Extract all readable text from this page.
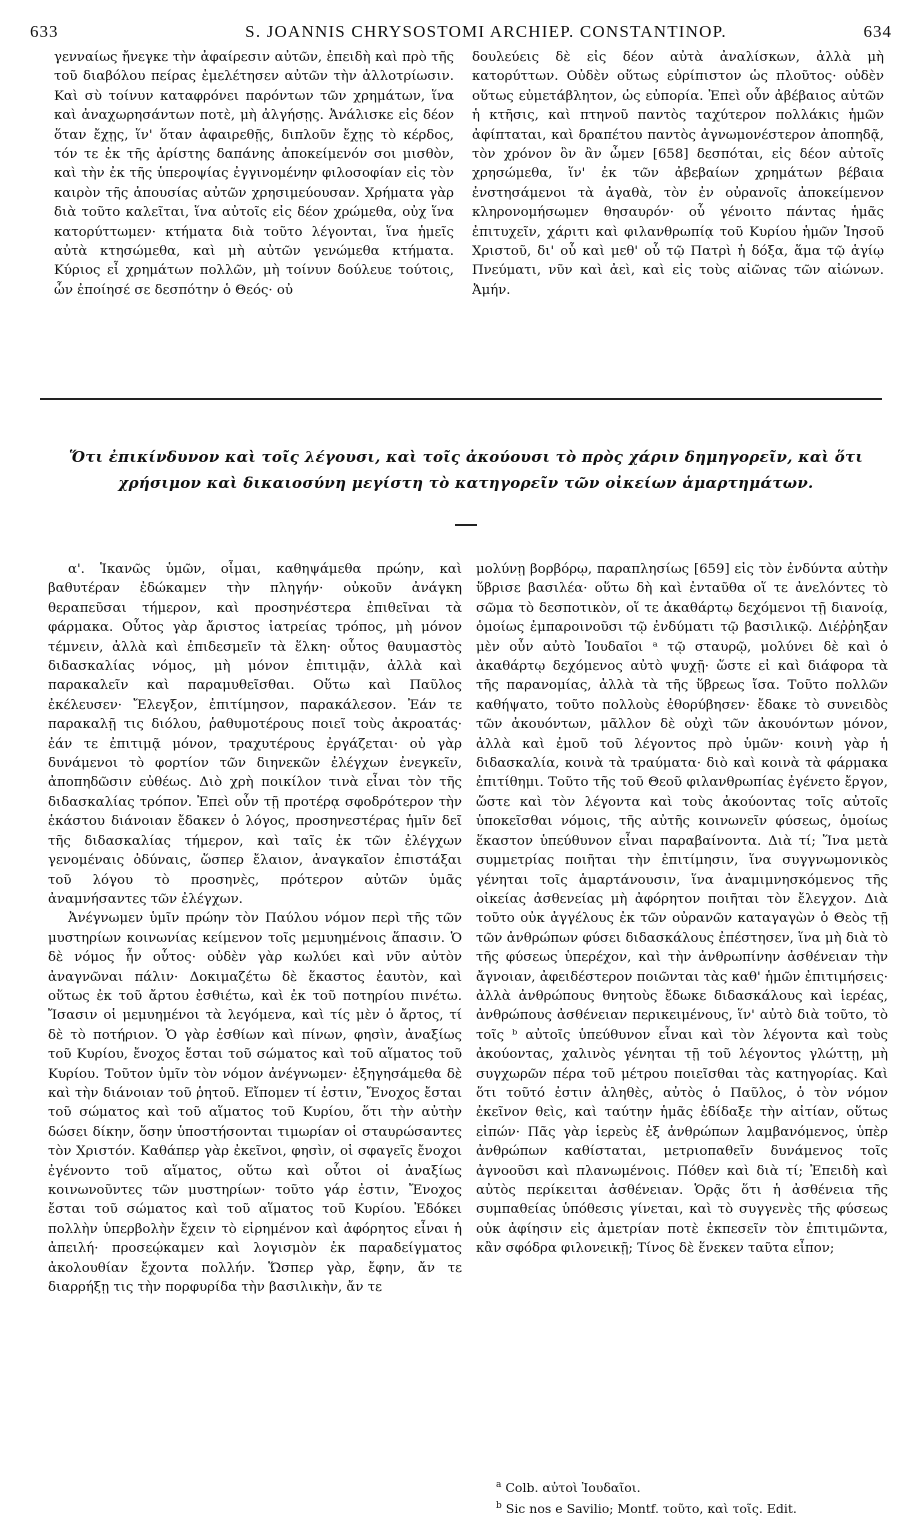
633	S. JOANNIS CHRYSOSTOMI ARCHIEP. CONSTANTINOP.	634

γενναίως ἤνεγκε τὴν ἀφαίρεσιν αὐτῶν, ἐπειδὴ καὶ πρὸ τῆς τοῦ διαβόλου πείρας ἐμελέτησεν αὐτῶν τὴν ἀλλοτρίωσιν. Καὶ σὺ τοίνυν καταφρόνει παρόντων τῶν χρημάτων, ἵνα καὶ ἀναχωρησάντων ποτὲ, μὴ ἀλγήσῃς. Ἀνάλισκε εἰς δέον ὅταν ἔχῃς, ἵν' ὅταν ἀφαιρεθῇς, διπλοῦν ἔχῃς τὸ κέρδος, τόν τε ἐκ τῆς ἀρίστης δαπάνης ἀποκείμενόν σοι μισθὸν, καὶ τὴν ἐκ τῆς ὑπεροψίας ἐγγινομένην φιλοσοφίαν εἰς τὸν καιρὸν τῆς ἀπουσίας αὐτῶν χρησιμεύουσαν. Χρήματα γὰρ διὰ τοῦτο καλεῖται, ἵνα αὐτοῖς εἰς δέον χρώμεθα, οὐχ ἵνα κατορύττωμεν· κτήματα διὰ τοῦτο λέγονται, ἵνα ἡμεῖς αὐτὰ κτησώμεθα, καὶ μὴ αὐτῶν γενώμεθα κτήματα. Κύριος εἶ χρημάτων πολλῶν, μὴ τοίνυν δούλευε τούτοις, ὧν ἐποίησέ σε δεσπότην ὁ Θεός· οὐ

δουλεύεις δὲ εἰς δέον αὐτὰ ἀναλίσκων, ἀλλὰ μὴ κατορύττων. Οὐδὲν οὕτως εὐρίπιστον ὡς πλοῦτος· οὐδὲν οὕτως εὐμετάβλητον, ὡς εὐπορία. Ἐπεὶ οὖν ἀβέβαιος αὐτῶν ἡ κτῆσις, καὶ πτηνοῦ παντὸς ταχύτερον πολλάκις ἡμῶν ἀφίπταται, καὶ δραπέτου παντὸς ἀγνωμονέστερον ἀποπηδᾷ, τὸν χρόνον ὃν ἂν ὦμεν [658] δεσπόται, εἰς δέον αὐτοῖς χρησώμεθα, ἵν' ἐκ τῶν ἀβεβαίων χρημάτων βέβαια ἐνστησάμενοι τὰ ἀγαθὰ, τὸν ἐν οὐρανοῖς ἀποκείμενον κληρονομήσωμεν θησαυρόν· οὗ γένοιτο πάντας ἡμᾶς ἐπιτυχεῖν, χάριτι καὶ φιλανθρωπίᾳ τοῦ Κυρίου ἡμῶν Ἰησοῦ Χριστοῦ, δι' οὗ καὶ μεθ' οὗ τῷ Πατρὶ ἡ δόξα, ἅμα τῷ ἁγίῳ Πνεύματι, νῦν καὶ ἀεὶ, καὶ εἰς τοὺς αἰῶνας τῶν αἰώνων. Ἀμήν.

Ὅτι ἐπικίνδυνον καὶ τοῖς λέγουσι, καὶ τοῖς ἀκούουσι τὸ πρὸς χάριν δημηγορεῖν, καὶ ὅτι χρήσιμον καὶ δικαιοσύνη μεγίστη τὸ κατηγορεῖν τῶν οἰκείων ἁμαρτημάτων.

α'. Ἱκανῶς ὑμῶν, οἶμαι, καθηψάμεθα πρώην, καὶ βαθυτέραν ἐδώκαμεν τὴν πληγήν· οὐκοῦν ἀνάγκη θεραπεῦσαι τήμερον, καὶ προσηνέστερα ἐπιθεῖναι τὰ φάρμακα. Οὗτος γὰρ ἄριστος ἰατρείας τρόπος, μὴ μόνον τέμνειν, ἀλλὰ καὶ ἐπιδεσμεῖν τὰ ἕλκη· οὗτος θαυμαστὸς διδασκαλίας νόμος, μὴ μόνον ἐπιτιμᾷν, ἀλλὰ καὶ παρακαλεῖν καὶ παραμυθεῖσθαι. Οὕτω καὶ Παῦλος ἐκέλευσεν· Ἔλεγξον, ἐπιτίμησον, παρακάλεσον. Ἐάν τε παρακαλῇ τις διόλου, ῥαθυμοτέρους ποιεῖ τοὺς ἀκροατάς· ἐάν τε ἐπιτιμᾷ μόνον, τραχυτέρους ἐργάζεται· οὐ γὰρ δυνάμενοι τὸ φορτίον τῶν διηνεκῶν ἐλέγχων ἐνεγκεῖν, ἀποπηδῶσιν εὐθέως. Διὸ χρὴ ποικίλον τινὰ εἶναι τὸν τῆς διδασκαλίας τρόπον. Ἐπεὶ οὖν τῇ προτέρᾳ σφοδρότερον τὴν ἑκάστου διάνοιαν ἔδακεν ὁ λόγος, προσηνεστέρας ἡμῖν δεῖ τῆς διδασκαλίας τήμερον, καὶ ταῖς ἐκ τῶν ἐλέγχων γενομέναις ὀδύναις, ὥσπερ ἔλαιον, ἀναγκαῖον ἐπιστάξαι τοῦ λόγου τὸ προσηνὲς, πρότερον αὐτῶν ὑμᾶς ἀναμνήσαντες τῶν ἐλέγχων.

Ἀνέγνωμεν ὑμῖν πρώην τὸν Παύλου νόμον περὶ τῆς τῶν μυστηρίων κοινωνίας κείμενον τοῖς μεμυημένοις ἅπασιν. Ὁ δὲ νόμος ἦν οὗτος· οὐδὲν γὰρ κωλύει καὶ νῦν αὐτὸν ἀναγνῶναι πάλιν· Δοκιμαζέτω δὲ ἕκαστος ἑαυτὸν, καὶ οὕτως ἐκ τοῦ ἄρτου ἐσθιέτω, καὶ ἐκ τοῦ ποτηρίου πινέτω. Ἴσασιν οἱ μεμυημένοι τὰ λεγόμενα, καὶ τίς μὲν ὁ ἄρτος, τί δὲ τὸ ποτήριον. Ὁ γὰρ ἐσθίων καὶ πίνων, φησὶν, ἀναξίως τοῦ Κυρίου, ἔνοχος ἔσται τοῦ σώματος καὶ τοῦ αἵματος τοῦ Κυρίου. Τοῦτον ὑμῖν τὸν νόμον ἀνέγνωμεν· ἐξηγησάμεθα δὲ καὶ τὴν διάνοιαν τοῦ ῥητοῦ. Εἴπομεν τί ἐστιν, Ἔνοχος ἔσται τοῦ σώματος καὶ τοῦ αἵματος τοῦ Κυρίου, ὅτι τὴν αὐτὴν δώσει δίκην, ὅσην ὑποστήσονται τιμωρίαν οἱ σταυρώσαντες τὸν Χριστόν. Καθάπερ γὰρ ἐκεῖνοι, φησὶν, οἱ σφαγεῖς ἔνοχοι ἐγένοντο τοῦ αἵματος, οὕτω καὶ οὗτοι οἱ ἀναξίως κοινωνοῦντες τῶν μυστηρίων· τοῦτο γάρ ἐστιν, Ἔνοχος ἔσται τοῦ σώματος καὶ τοῦ αἵματος τοῦ Κυρίου. Ἐδόκει πολλὴν ὑπερβολὴν ἔχειν τὸ εἰρημένον καὶ ἀφόρητος εἶναι ἡ ἀπειλή· προσεῴκαμεν καὶ λογισμὸν ἐκ παραδείγματος ἀκολουθίαν ἔχοντα πολλήν. Ὥσπερ γὰρ, ἔφην, ἄν τε διαρρήξῃ τις τὴν πορφυρίδα τὴν βασιλικὴν, ἄν τε

μολύνῃ βορβόρῳ, παραπλησίως [659] εἰς τὸν ἐνδύντα αὐτὴν ὕβρισε βασιλέα· οὕτω δὴ καὶ ἐνταῦθα οἵ τε ἀνελόντες τὸ σῶμα τὸ δεσποτικὸν, οἵ τε ἀκαθάρτῳ δεχόμενοι τῇ διανοίᾳ, ὁμοίως ἐμπαροινοῦσι τῷ ἐνδύματι τῷ βασιλικῷ. Διέῤῥηξαν μὲν οὖν αὐτὸ Ἰουδαῖοι ᵃ τῷ σταυρῷ, μολύνει δὲ καὶ ὁ ἀκαθάρτῳ δεχόμενος αὐτὸ ψυχῇ· ὥστε εἰ καὶ διάφορα τὰ τῆς παρανομίας, ἀλλὰ τὰ τῆς ὕβρεως ἴσα. Τοῦτο πολλῶν καθήψατο, τοῦτο πολλοὺς ἐθορύβησεν· ἔδακε τὸ συνειδὸς τῶν ἀκουόντων, μᾶλλον δὲ οὐχὶ τῶν ἀκουόντων μόνον, ἀλλὰ καὶ ἐμοῦ τοῦ λέγοντος πρὸ ὑμῶν· κοινὴ γὰρ ἡ διδασκαλία, κοινὰ τὰ τραύματα· διὸ καὶ κοινὰ τὰ φάρμακα ἐπιτίθημι. Τοῦτο τῆς τοῦ Θεοῦ φιλανθρωπίας ἐγένετο ἔργον, ὥστε καὶ τὸν λέγοντα καὶ τοὺς ἀκούοντας τοῖς αὐτοῖς ὑποκεῖσθαι νόμοις, τῆς αὐτῆς κοινωνεῖν φύσεως, ὁμοίως ἕκαστον ὑπεύθυνον εἶναι παραβαίνοντα. Διὰ τί; Ἵνα μετὰ συμμετρίας ποιῆται τὴν ἐπιτίμησιν, ἵνα συγγνωμονικὸς γένηται τοῖς ἁμαρτάνουσιν, ἵνα ἀναμιμνησκόμενος τῆς οἰκείας ἀσθενείας μὴ ἀφόρητον ποιῆται τὸν ἔλεγχον. Διὰ τοῦτο οὐκ ἀγγέλους ἐκ τῶν οὐρανῶν καταγαγὼν ὁ Θεὸς τῇ τῶν ἀνθρώπων φύσει διδασκάλους ἐπέστησεν, ἵνα μὴ διὰ τὸ τῆς φύσεως ὑπερέχον, καὶ τὴν ἀνθρωπίνην ἀσθένειαν τὴν ἄγνοιαν, ἀφειδέστερον ποιῶνται τὰς καθ' ἡμῶν ἐπιτιμήσεις· ἀλλὰ ἀνθρώπους θνητοὺς ἔδωκε διδασκάλους καὶ ἱερέας, ἀνθρώπους ἀσθένειαν περικειμένους, ἵν' αὐτὸ διὰ τοῦτο, τὸ τοῖς ᵇ αὐτοῖς ὑπεύθυνον εἶναι καὶ τὸν λέγοντα καὶ τοὺς ἀκούοντας, χαλινὸς γένηται τῇ τοῦ λέγοντος γλώττῃ, μὴ συγχωρῶν πέρα τοῦ μέτρου ποιεῖσθαι τὰς κατηγορίας. Καὶ ὅτι τοῦτό ἐστιν ἀληθὲς, αὐτὸς ὁ Παῦλος, ὁ τὸν νόμον ἐκεῖνον θεὶς, καὶ ταύτην ἡμᾶς ἐδίδαξε τὴν αἰτίαν, οὕτως εἰπών· Πᾶς γὰρ ἱερεὺς ἐξ ἀνθρώπων λαμβανόμενος, ὑπὲρ ἀνθρώπων καθίσταται, μετριοπαθεῖν δυνάμενος τοῖς ἀγνοοῦσι καὶ πλανωμένοις. Πόθεν καὶ διὰ τί; Ἐπειδὴ καὶ αὐτὸς περίκειται ἀσθένειαν. Ὁρᾷς ὅτι ἡ ἀσθένεια τῆς συμπαθείας ὑπόθεσις γίνεται, καὶ τὸ συγγενὲς τῆς φύσεως οὐκ ἀφίησιν εἰς ἀμετρίαν ποτὲ ἐκπεσεῖν τὸν ἐπιτιμῶντα, κἂν σφόδρα φιλονεικῇ; Τίνος δὲ ἕνεκεν ταῦτα εἶπον;

$^a$ Colb. αὐτοὶ Ἰουδαῖοι.
$^b$ Sic nos e Savilio; Montf. τοῦτο, καὶ τοῖς. Edit.
